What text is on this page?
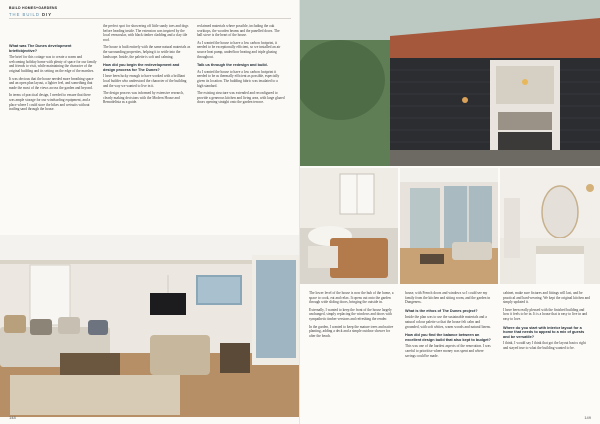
BUILD HOMES+GARDENS
THE BUILD DIY

What was The Dunes development brief/objective?

The brief for this cottage was to create a warm and welcoming holiday home with plenty of space for our family and friends to visit, while maintaining the character of the original building and its setting on the edge of the marshes.

It was obvious that the house needed more breathing space and an open plan layout, a lighter feel, and something that made the most of the views across the garden and beyond.

In terms of practical design, I needed to ensure that there was ample storage for our windsurfing equipment, and a place where I could store the bikes and wetsuits without trailing sand through the house.

the perfect spot for showering off little sandy toes and dogs before heading inside. The extension was inspired by the local vernacular, with black timber cladding and a clay tile roof.

The house is built entirely with the same natural materials as the surrounding properties, helping it to settle into the landscape. Inside, the palette is soft and calming.

How did you begin the redevelopment and design process for The Dunes?

I have been lucky enough to have worked with a brilliant local builder who understood the character of the building and the way we wanted to live in it.

The design process was informed by extensive research, clearly making decisions with the Modern House and Remodelista as a guide.

reclaimed materials where possible, including the oak worktops, the wooden beams and the panelled doors. The hall stove is the heart of the house.

As I wanted the house to have a low carbon footprint, it needed to be exceptionally efficient, so we installed an air source heat pump, underfloor heating and triple glazing throughout.

Talk us through the redesign and build.

As I wanted the house to have a low carbon footprint it needed to be as thermally efficient as possible, especially given its location. The building fabric was insulated to a high standard.

The existing structure was extended and reconfigured to provide a generous kitchen and living area, with large glazed doors opening straight onto the garden terrace.

148

The lower level of the house is now the hub of the home, a space to cook, eat and relax. It opens out onto the garden through wide sliding doors, bringing the outside in.

Externally, I wanted to keep the front of the house largely unchanged, simply replacing the windows and doors with sympathetic timber versions and refreshing the render.

In the garden, I wanted to keep the mature trees and native planting, adding a deck and a simple outdoor shower for after the beach.

house, with French doors and windows so I could see my family from the kitchen and sitting room, and the garden in Dungeness.

What is the ethos of The Dunes project?

Inside the plan was to use the sustainable materials and a natural colour palette so that the house felt calm and grounded, with soft whites, warm woods and natural linens.

How did you find the balance between an excellent design build that also kept to budget?

This was one of the hardest aspects of the renovation. I was careful to prioritise where money was spent and where savings could be made.

cabinet, make sure fixtures and fittings will last, and be practical and hard-wearing. We kept the original kitchen and simply updated it.

I have been really pleased with the finished building and how it feels to be in. It is a house that is easy to live in and easy to love.

Where do you start with interior layout for a home that needs to appeal to a mix of guests and be versatile?

I think, I would say I think that got the layout basics right and stayed true to what the building wanted to be.

149
